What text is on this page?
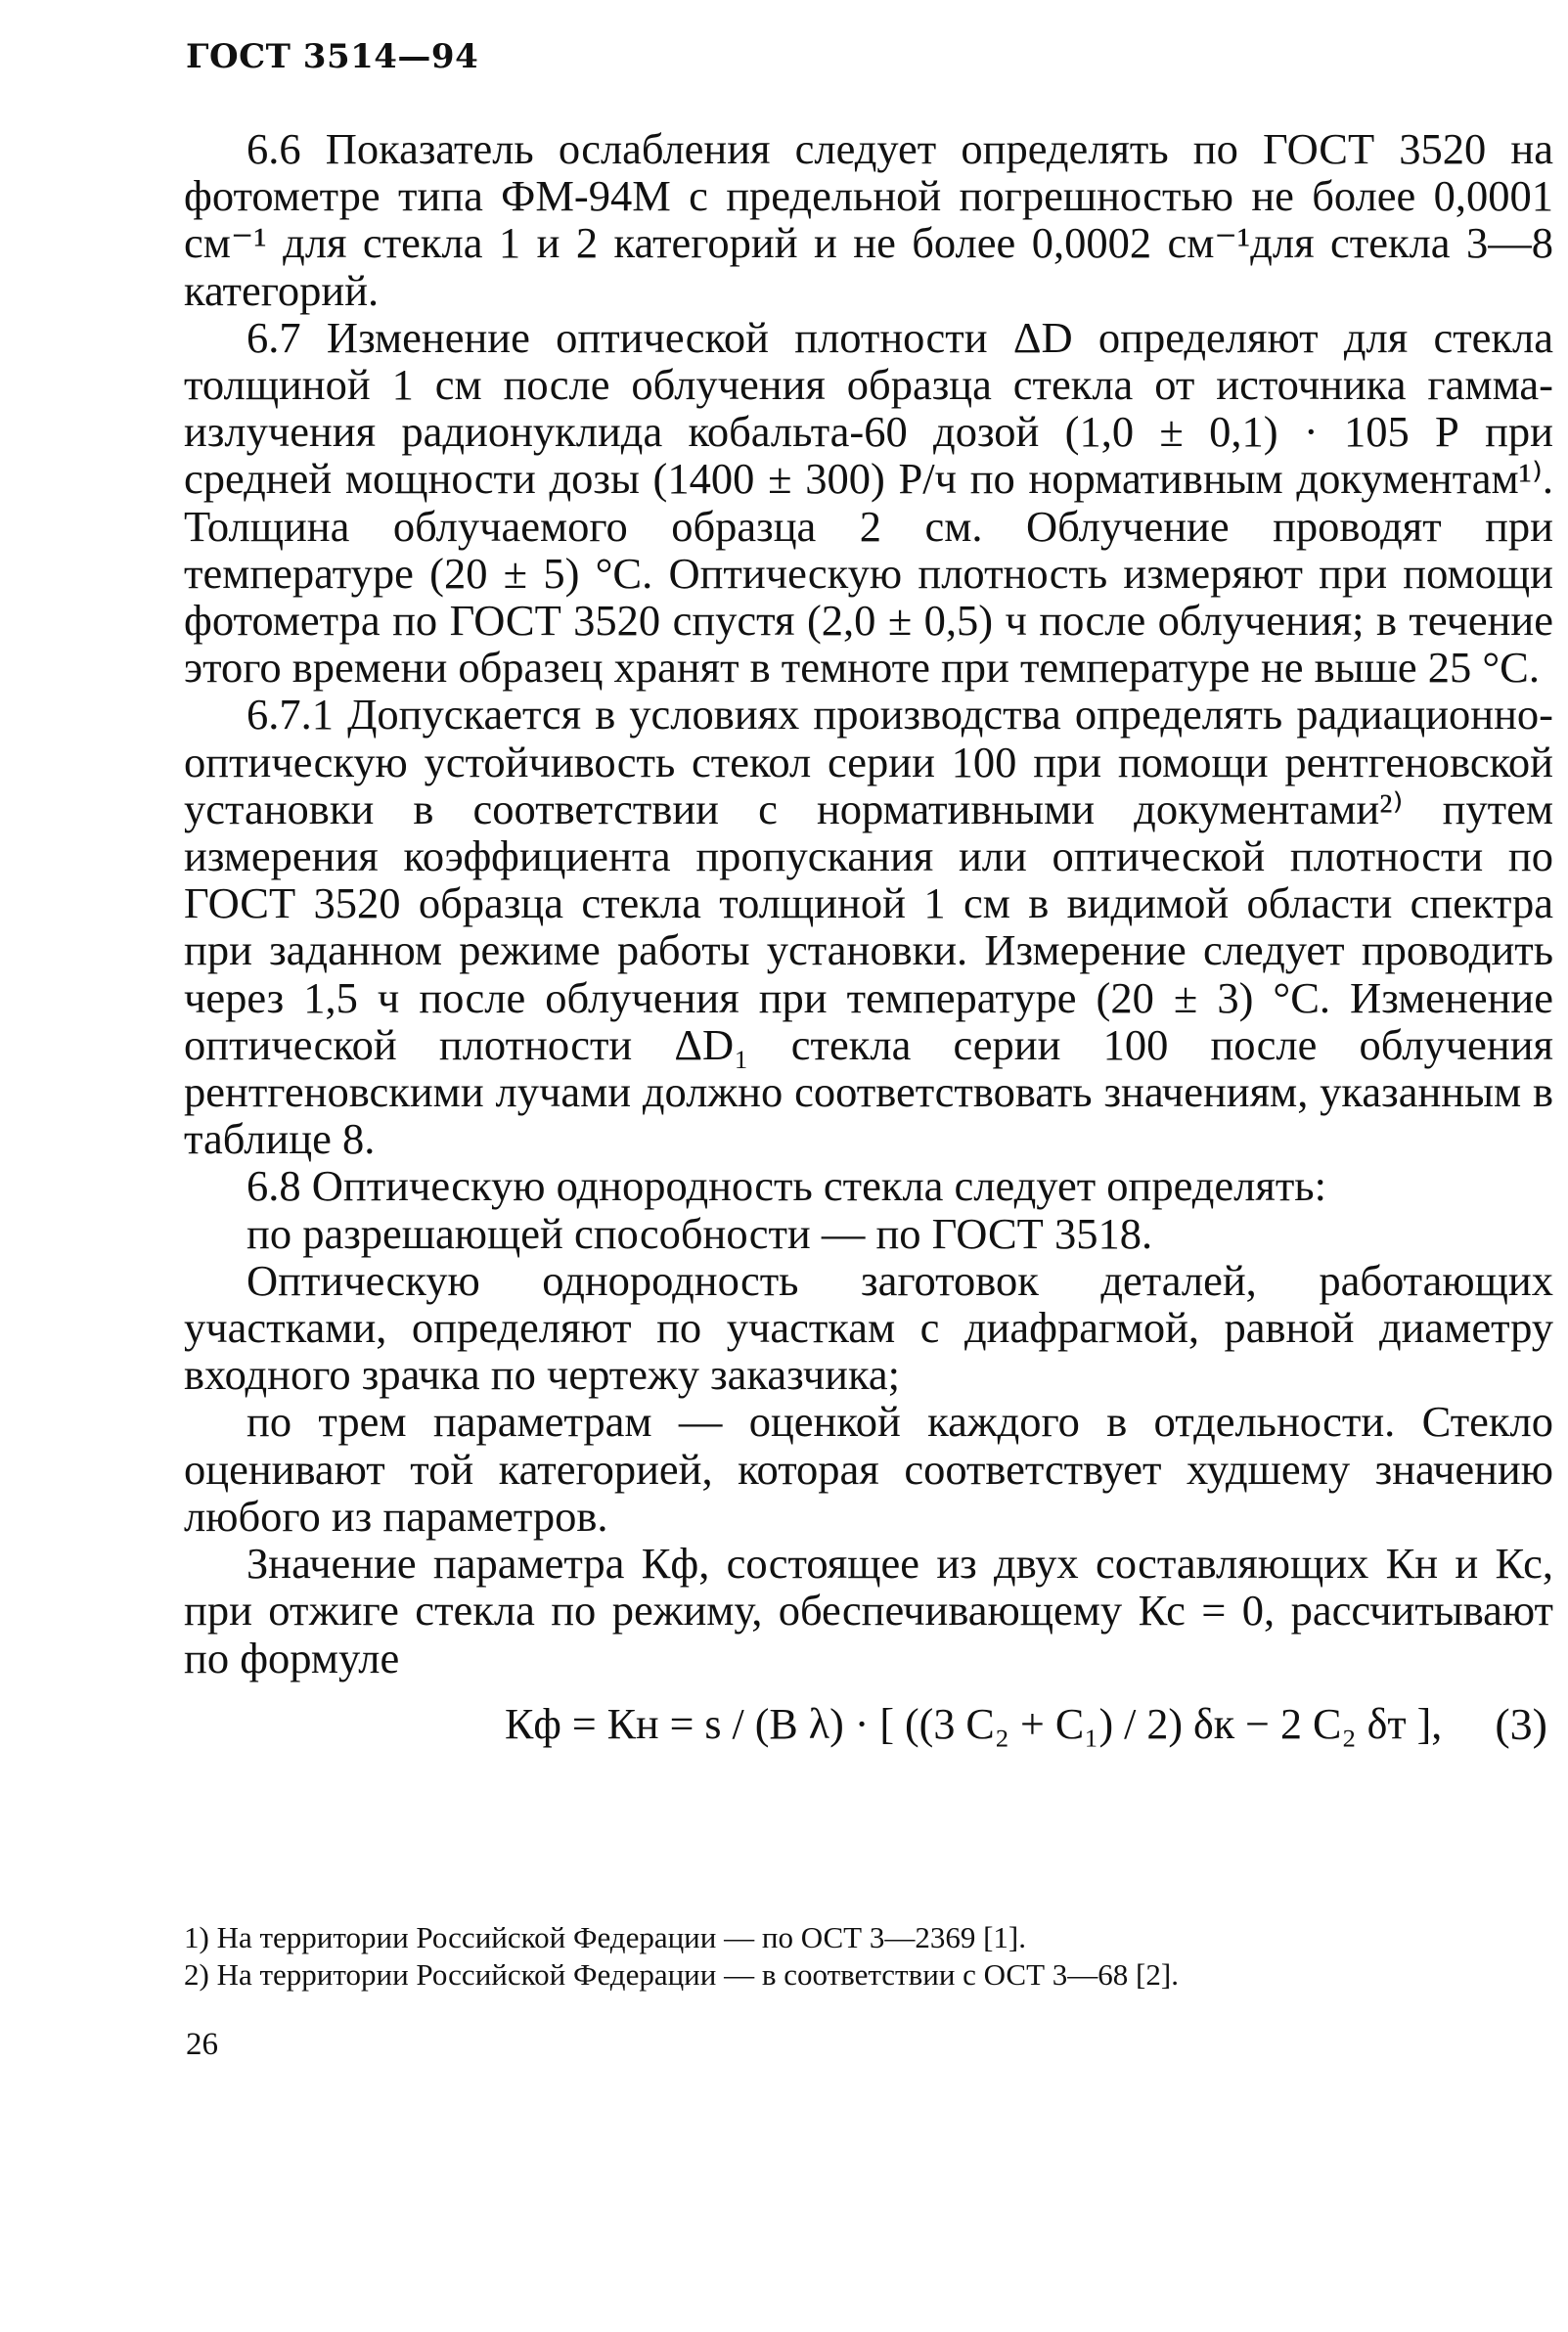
ГОСТ 3514—94

6.6 Показатель ослабления следует определять по ГОСТ 3520 на фотометре типа ФМ-94М с предельной погрешностью не более 0,0001 см⁻¹ для стекла 1 и 2 категорий и не более 0,0002 см⁻¹для стекла 3—8 категорий.

6.7 Изменение оптической плотности ΔD определяют для стекла толщиной 1 см после облучения образца стекла от источника гамма-излучения радионуклида кобальта-60 дозой (1,0 ± 0,1) · 105 Р при средней мощности дозы (1400 ± 300) Р/ч по нормативным документам¹⁾. Толщина облучаемого образца 2 см. Облучение проводят при температуре (20 ± 5) °С. Оптическую плотность измеряют при помощи фотометра по ГОСТ 3520 спустя (2,0 ± 0,5) ч после облучения; в течение этого времени образец хранят в темноте при температуре не выше 25 °С.

6.7.1 Допускается в условиях производства определять радиационно-оптическую устойчивость стекол серии 100 при помощи рентгеновской установки в соответствии с нормативными документами²⁾ путем измерения коэффициента пропускания или оптической плотности по ГОСТ 3520 образца стекла толщиной 1 см в видимой области спектра при заданном режиме работы установки. Измерение следует проводить через 1,5 ч после облучения при температуре (20 ± 3) °С. Изменение оптической плотности ΔD₁ стекла серии 100 после облучения рентгеновскими лучами должно соответствовать значениям, указанным в таблице 8.

6.8 Оптическую однородность стекла следует определять:

по разрешающей способности — по ГОСТ 3518.

Оптическую однородность заготовок деталей, работающих участками, определяют по участкам с диафрагмой, равной диаметру входного зрачка по чертежу заказчика;

по трем параметрам — оценкой каждого в отдельности. Стекло оценивают той категорией, которая соответствует худшему значению любого из параметров.

Значение параметра Кф, состоящее из двух составляющих Кн и Кс, при отжиге стекла по режиму, обеспечивающему Кс = 0, рассчитывают по формуле

Кф = Кн = s / (В λ) · [ ((3 C₂ + C₁) / 2) δк − 2 C₂ δт ], (3)

1) На территории Российской Федерации — по ОСТ 3—2369 [1].

2) На территории Российской Федерации — в соответствии с ОСТ 3—68 [2].

26
